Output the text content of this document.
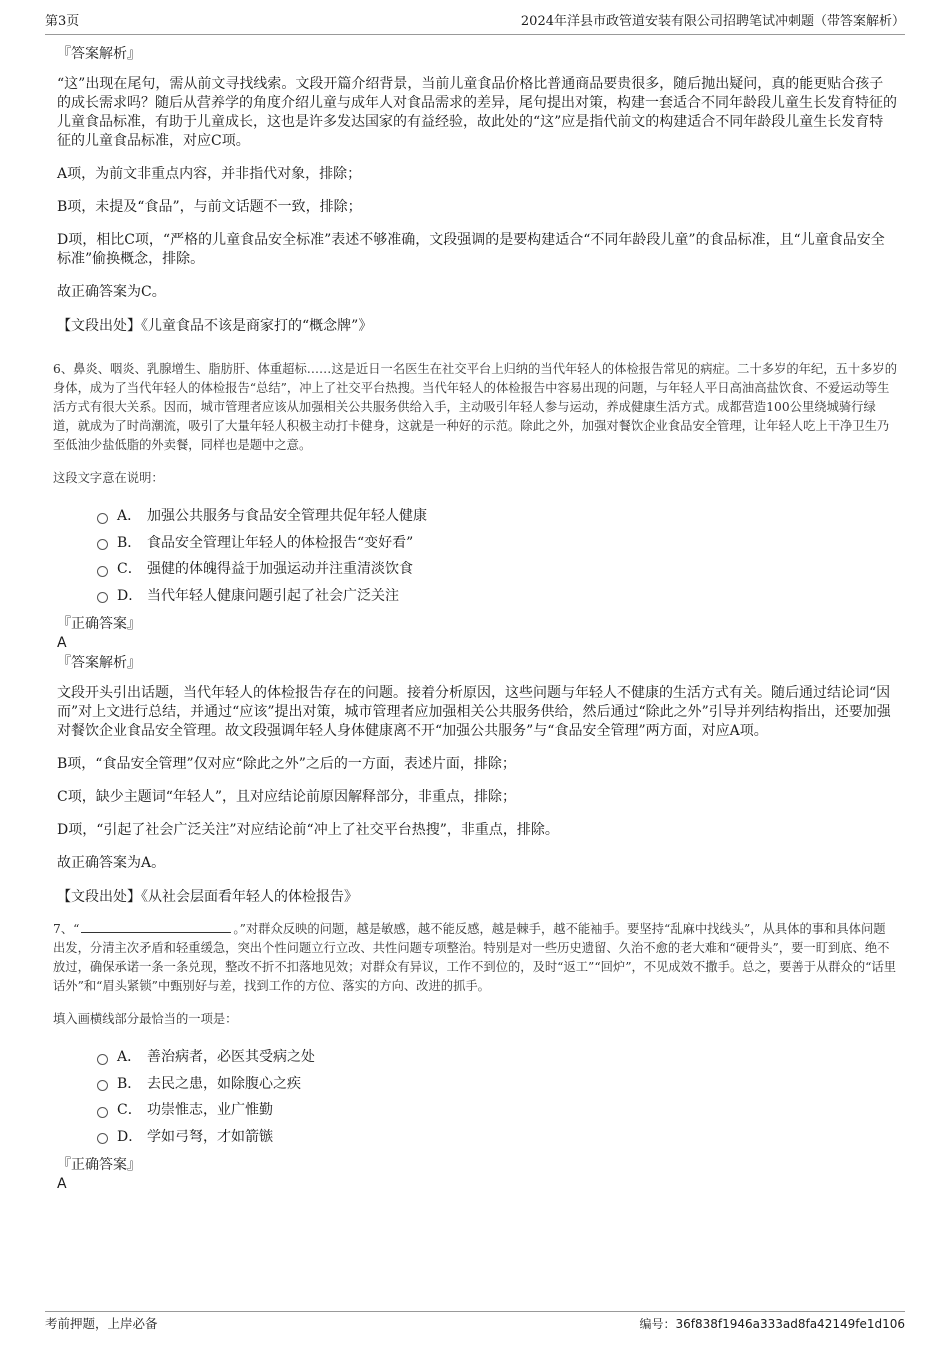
第3页	2024年洋县市政管道安装有限公司招聘笔试冲刺题（带答案解析）

『答案解析』

“这”出现在尾句，需从前文寻找线索。文段开篇介绍背景，当前儿童食品价格比普通商品要贵很多，随后抛出疑问，真的能更贴合孩子的成长需求吗？随后从营养学的角度介绍儿童与成年人对食品需求的差异，尾句提出对策，构建一套适合不同年龄段儿童生长发育特征的儿童食品标准，有助于儿童成长，这也是许多发达国家的有益经验，故此处的“这”应是指代前文的构建适合不同年龄段儿童生长发育特征的儿童食品标准，对应C项。

A项，为前文非重点内容，并非指代对象，排除；

B项，未提及“食品”，与前文话题不一致，排除；

D项，相比C项，“严格的儿童食品安全标准”表述不够准确，文段强调的是要构建适合“不同年龄段儿童”的食品标准，且“儿童食品安全标准”偷换概念，排除。

故正确答案为C。

【文段出处】《儿童食品不该是商家打的“概念牌”》

6、鼻炎、咽炎、乳腺增生、脂肪肝、体重超标……这是近日一名医生在社交平台上归纳的当代年轻人的体检报告常见的病症。二十多岁的年纪，五十多岁的身体，成为了当代年轻人的体检报告“总结”，冲上了社交平台热搜。当代年轻人的体检报告中容易出现的问题，与年轻人平日高油高盐饮食、不爱运动等生活方式有很大关系。因而，城市管理者应该从加强相关公共服务供给入手，主动吸引年轻人参与运动，养成健康生活方式。成都营造100公里绕城骑行绿道，就成为了时尚潮流，吸引了大量年轻人积极主动打卡健身，这就是一种好的示范。除此之外，加强对餐饮企业食品安全管理，让年轻人吃上干净卫生乃至低油少盐低脂的外卖餐，同样也是题中之意。

这段文字意在说明：

A． 加强公共服务与食品安全管理共促年轻人健康
B． 食品安全管理让年轻人的体检报告“变好看”
C． 强健的体魄得益于加强运动并注重清淡饮食
D． 当代年轻人健康问题引起了社会广泛关注

『正确答案』

A

『答案解析』

文段开头引出话题，当代年轻人的体检报告存在的问题。接着分析原因，这些问题与年轻人不健康的生活方式有关。随后通过结论词“因而”对上文进行总结，并通过“应该”提出对策，城市管理者应加强相关公共服务供给，然后通过“除此之外”引导并列结构指出，还要加强对餐饮企业食品安全管理。故文段强调年轻人身体健康离不开“加强公共服务”与“食品安全管理”两方面，对应A项。

B项，“食品安全管理”仅对应“除此之外”之后的一方面，表述片面，排除；

C项，缺少主题词“年轻人”，且对应结论前原因解释部分，非重点，排除；

D项，“引起了社会广泛关注”对应结论前“冲上了社交平台热搜”，非重点，排除。

故正确答案为A。

【文段出处】《从社会层面看年轻人的体检报告》

7、“	。”对群众反映的问题，越是敏感，越不能反感，越是棘手，越不能袖手。要坚持“乱麻中找线头”，从具体的事和具体问题出发，分清主次矛盾和轻重缓急，突出个性问题立行立改、共性问题专项整治。特别是对一些历史遗留、久治不愈的老大难和“硬骨头”，要一盯到底、绝不放过，确保承诺一条一条兑现，整改不折不扣落地见效；对群众有异议，工作不到位的，及时“返工”“回炉”，不见成效不撒手。总之，要善于从群众的“话里话外”和“眉头紧锁”中甄别好与差，找到工作的方位、落实的方向、改进的抓手。

填入画横线部分最恰当的一项是：

A． 善治病者，必医其受病之处
B． 去民之患，如除腹心之疾
C． 功崇惟志，业广惟勤
D． 学如弓弩，才如箭镞

『正确答案』

A

考前押题，上岸必备	编号：36f838f1946a333ad8fa42149fe1d106
